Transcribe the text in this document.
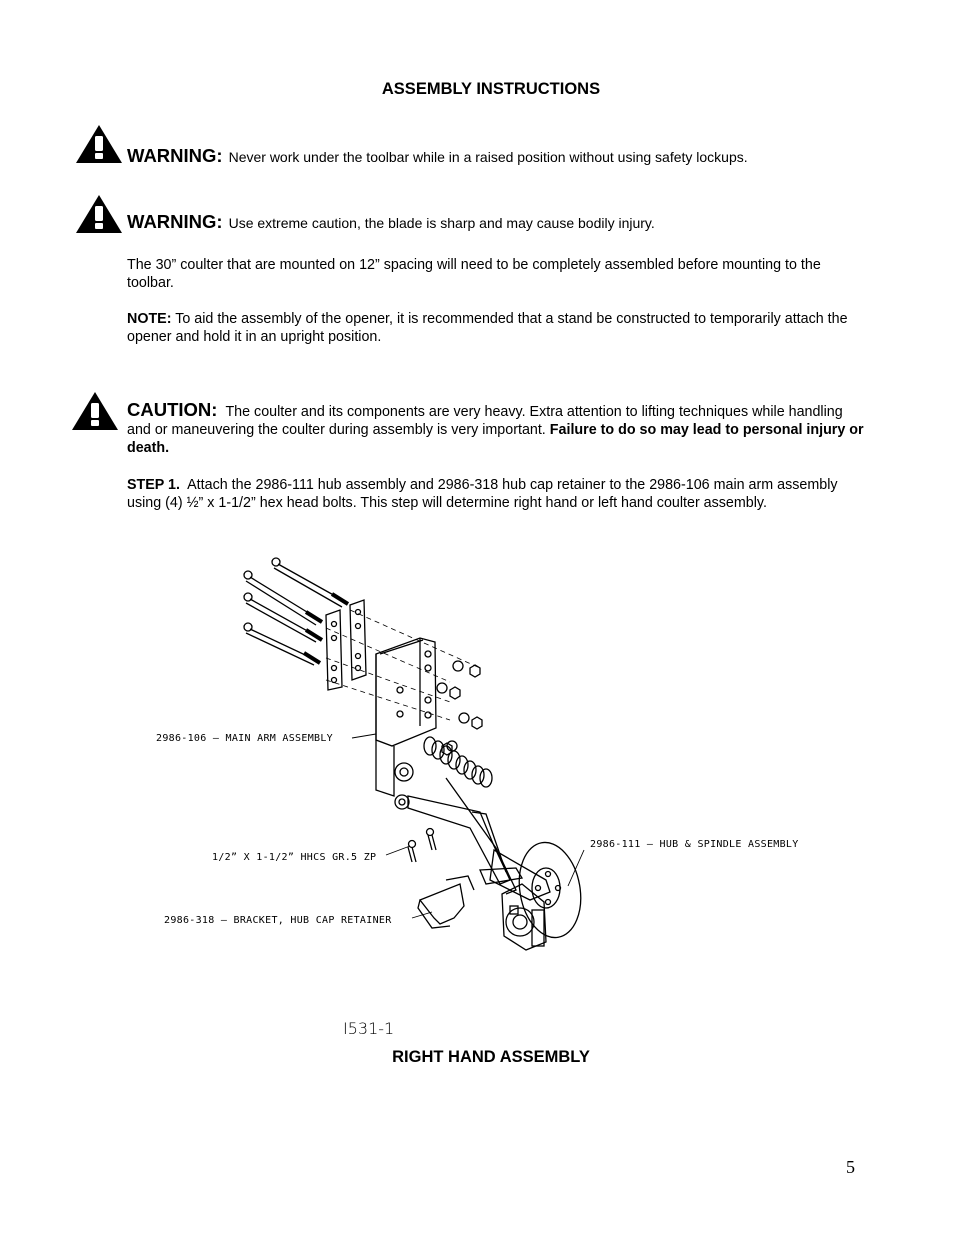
ASSEMBLY INSTRUCTIONS
WARNING: Never work under the toolbar while in a raised position without using safety lockups.
WARNING: Use extreme caution, the blade is sharp and may cause bodily injury.
The 30” coulter that are mounted on 12” spacing will need to be completely assembled before mounting to the toolbar.
NOTE: To aid the assembly of the opener, it is recommended that a stand be constructed to temporarily attach the opener and hold it in an upright position.
CAUTION: The coulter and its components are very heavy. Extra attention to lifting techniques while handling and or maneuvering the coulter during assembly is very important. Failure to do so may lead to personal injury or death.
STEP 1. Attach the 2986-111 hub assembly and 2986-318 hub cap retainer to the 2986-106 main arm assembly using (4) ½” x 1-1/2” hex head bolts. This step will determine right hand or left hand coulter assembly.
2986-106 – MAIN ARM ASSEMBLY
2986-111 – HUB & SPINDLE ASSEMBLY
1/2” X 1-1/2” HHCS GR.5 ZP
2986-318 – BRACKET, HUB CAP RETAINER
I531-1
RIGHT HAND ASSEMBLY
5
